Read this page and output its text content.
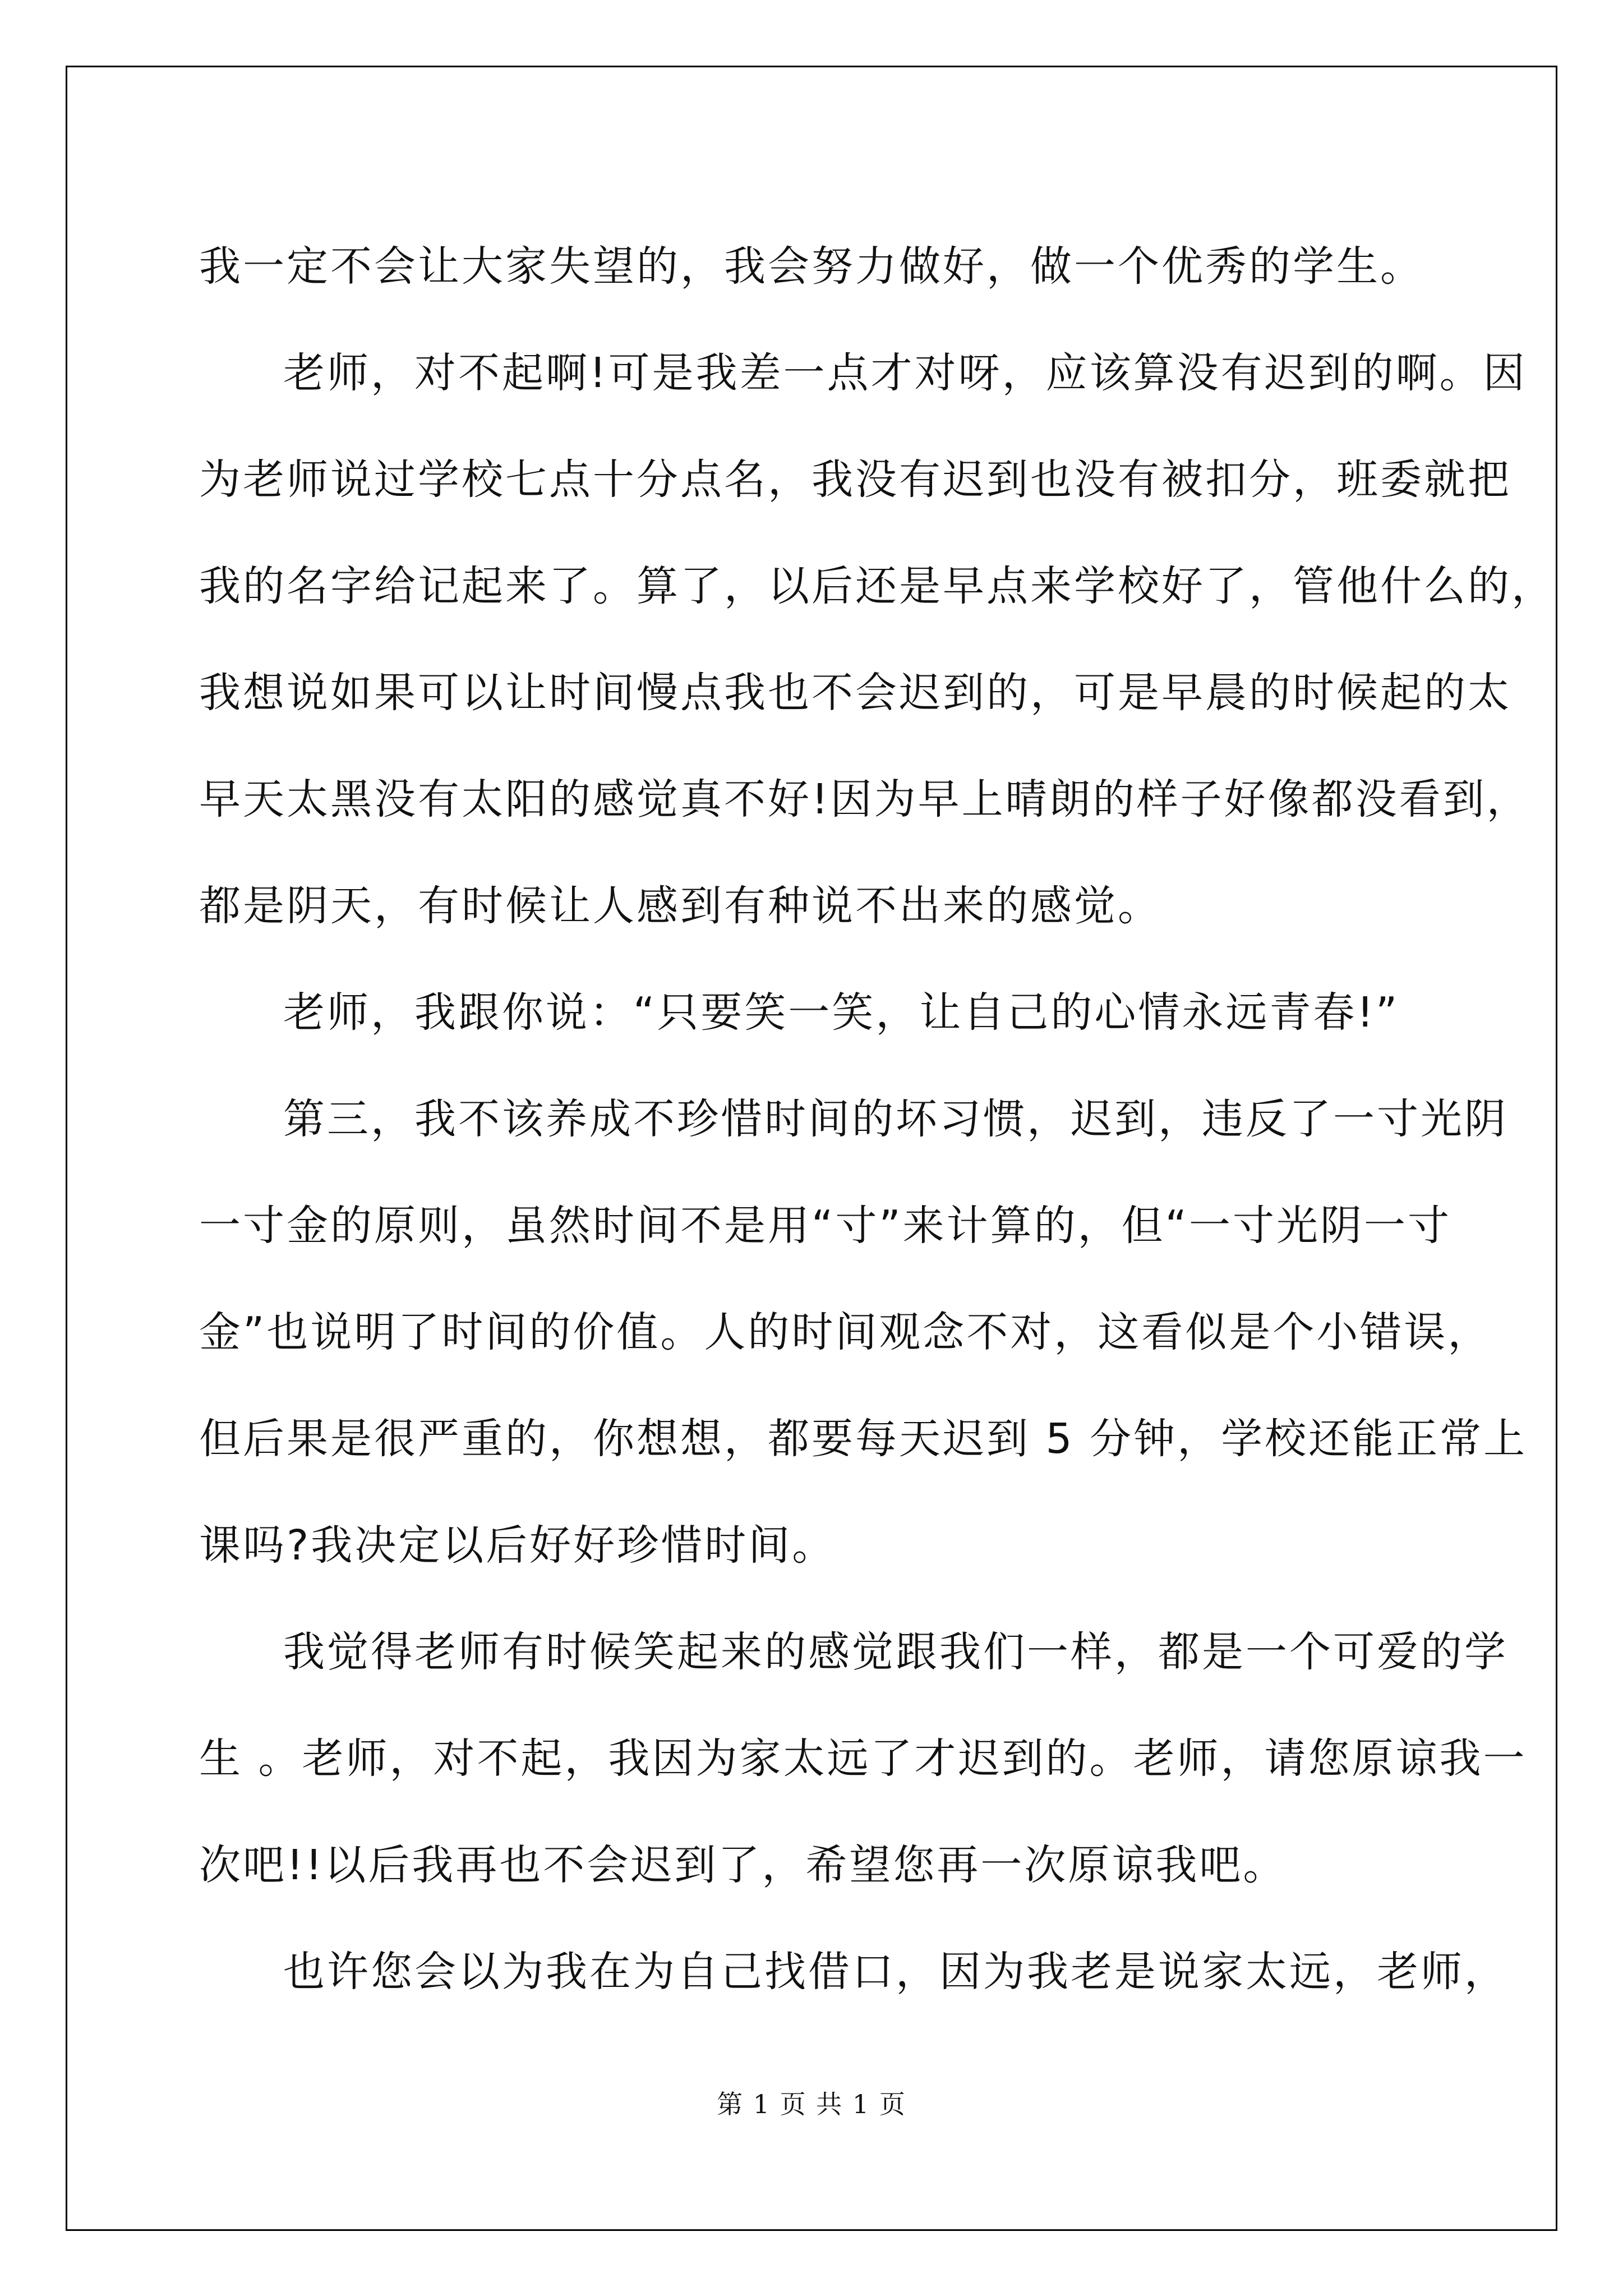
我一定不会让大家失望的，我会努力做好，做一个优秀的学生。
老师，对不起啊!可是我差一点才对呀，应该算没有迟到的啊。因
为老师说过学校七点十分点名，我没有迟到也没有被扣分，班委就把
我的名字给记起来了。算了，以后还是早点来学校好了，管他什么的，
我想说如果可以让时间慢点我也不会迟到的，可是早晨的时候起的太
早天太黑没有太阳的感觉真不好!因为早上晴朗的样子好像都没看到，
都是阴天，有时候让人感到有种说不出来的感觉。
老师，我跟你说：“只要笑一笑，让自己的心情永远青春!”
第三，我不该养成不珍惜时间的坏习惯，迟到，违反了一寸光阴
一寸金的原则，虽然时间不是用“寸”来计算的，但“一寸光阴一寸
金”也说明了时间的价值。人的时间观念不对，这看似是个小错误，
但后果是很严重的，你想想，都要每天迟到 5 分钟，学校还能正常上
课吗?我决定以后好好珍惜时间。
我觉得老师有时候笑起来的感觉跟我们一样，都是一个可爱的学
生 。老师，对不起，我因为家太远了才迟到的。老师，请您原谅我一
次吧!!以后我再也不会迟到了，希望您再一次原谅我吧。
也许您会以为我在为自己找借口，因为我老是说家太远，老师，
第 1 页 共 1 页
